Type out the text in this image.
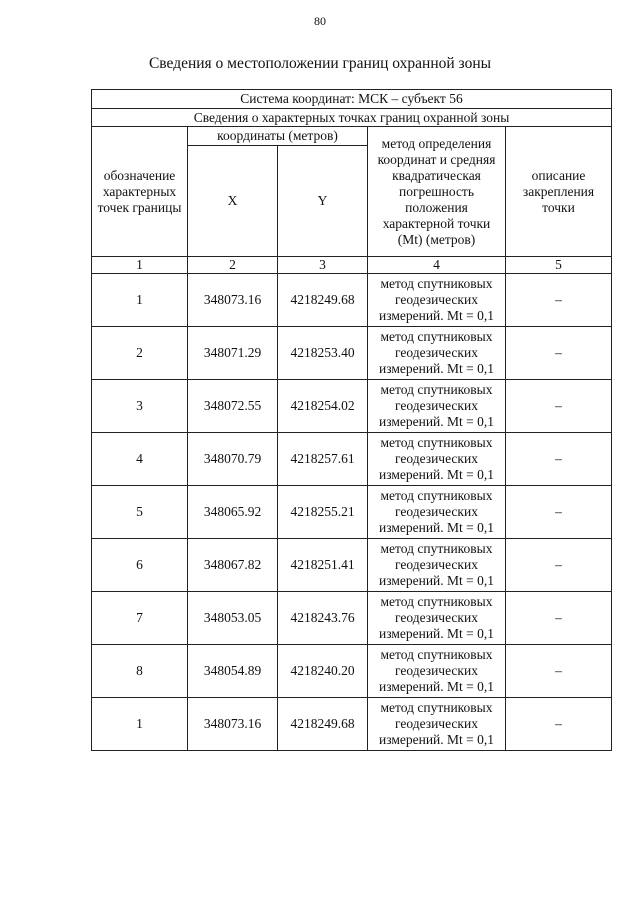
80
Сведения о местоположении границ охранной зоны
Система координат: МСК – субъект 56				
Сведения о характерных точках границ охранной зоны				
обозначение характерных точек границы	координаты (метров)		метод определения координат и средняя квадратическая погрешность положения характерной точки (Mt) (метров)	описание закрепления точки
	X	Y		
1	2	3	4	5
1	348073.16	4218249.68	метод спутниковых геодезических измерений. Mt = 0,1	–
2	348071.29	4218253.40	метод спутниковых геодезических измерений. Mt = 0,1	–
3	348072.55	4218254.02	метод спутниковых геодезических измерений. Mt = 0,1	–
4	348070.79	4218257.61	метод спутниковых геодезических измерений. Mt = 0,1	–
5	348065.92	4218255.21	метод спутниковых геодезических измерений. Mt = 0,1	–
6	348067.82	4218251.41	метод спутниковых геодезических измерений. Mt = 0,1	–
7	348053.05	4218243.76	метод спутниковых геодезических измерений. Mt = 0,1	–
8	348054.89	4218240.20	метод спутниковых геодезических измерений. Mt = 0,1	–
1	348073.16	4218249.68	метод спутниковых геодезических измерений. Mt = 0,1	–
